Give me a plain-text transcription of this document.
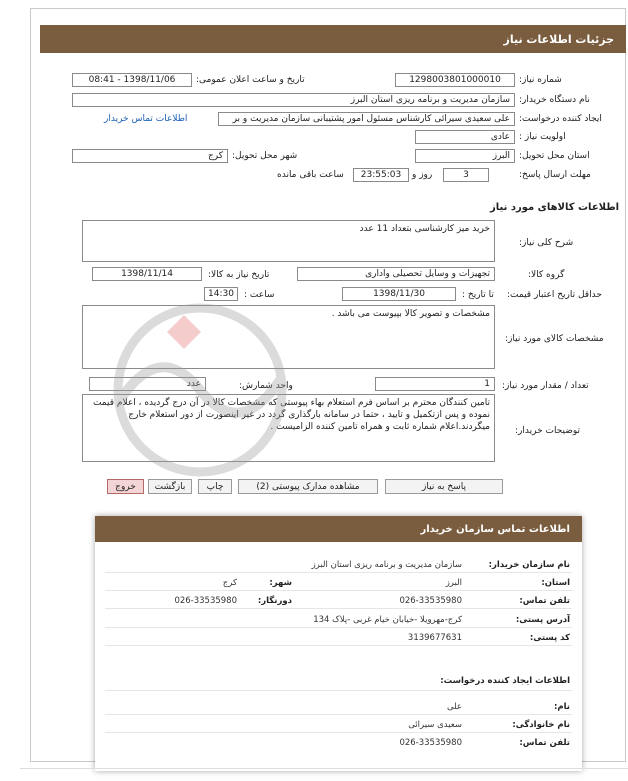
جزئیات اطلاعات نیاز
شماره نیاز:
1298003801000010
تاریخ و ساعت اعلان عمومی:
1398/11/06 - 08:41
نام دستگاه خریدار:
سازمان مدیریت و برنامه ریزی استان البرز
ایجاد کننده درخواست:
علی سعیدی سیرائی کارشناس مسئول امور پشتیبانی سازمان مدیریت و بر
اطلاعات تماس خریدار
اولویت نیاز :
عادی
استان محل تحویل:
البرز
شهر محل تحویل:
کرج
مهلت ارسال پاسخ:
3
روز و
23:55:03
ساعت باقی مانده
اطلاعات کالاهای مورد نیاز
شرح کلی نیاز:
خرید میز کارشناسی بتعداد 11 عدد
گروه کالا:
تجهیزات و وسایل تحصیلی واداری
تاریخ نیاز به کالا:
1398/11/14
حداقل تاریخ اعتبار قیمت:
تا تاریخ :
1398/11/30
ساعت :
14:30
مشخصات کالای مورد نیاز:
مشخصات و تصویر کالا بپیوست می باشد .
تعداد / مقدار مورد نیاز:
1
واحد شمارش:
عدد
توضیحات خریدار:
تامین کنندگان محترم بر اساس فرم استعلام بهاء پیوستی که مشخصات کالا در آن درج گردیده ، اعلام قیمت نموده و پس ازتکمیل و تایید ، حتما در سامانه بارگذاری گردد در غیر اینصورت از دور استعلام خارج میگردند.اعلام شماره ثابت و همراه تامین کننده الزامیست .
پاسخ به نیاز
مشاهده مدارک پیوستی (2)
چاپ
بازگشت
خروج
اطلاعات تماس سازمان خریدار
نام سازمان خریدار:
سازمان مدیریت و برنامه ریزی استان البرز
استان:
البرز
شهر:
کرج
تلفن تماس:
026-33535980
دورنگار:
026-33535980
آدرس پستی:
کرج-مهرویلا -خیابان خیام غربی -پلاک 134
کد پستی:
3139677631
اطلاعات ایجاد کننده درخواست:
نام:
علی
نام خانوادگی:
سعیدی سیرائی
تلفن تماس:
026-33535980
